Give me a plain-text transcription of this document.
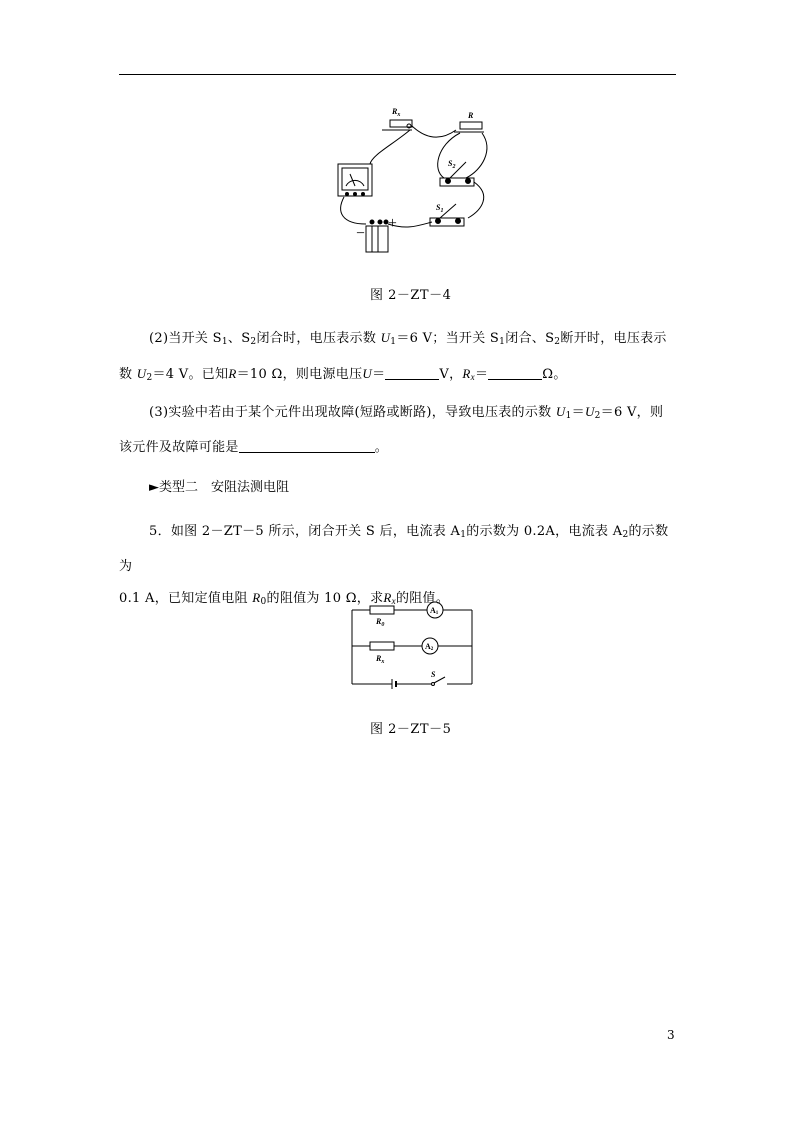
$R_x$	R
$S_2$
$S_1$
－
＋
图 2－ZT－4
(2)当开关 $S_1$、$S_2$闭合时，电压表示数 $U_1=6$ V；当开关 $S_1$闭合、$S_2$断开时，电压表示
数 $U_2=4$ V。已知R＝10 Ω，则电源电压U＝	V，$R_x=$	Ω。
(3)实验中若由于某个元件出现故障(短路或断路)，导致电压表的示数 $U_1=U_2=6$ V，则
该元件及故障可能是	。
►类型二　安阻法测电阻
5．如图 2－ZT－5 所示，闭合开关 S 后，电流表 $A_1$的示数为 0.2A，电流表 $A_2$的示数为
0.1 A，已知定值电阻 $R_0$的阻值为 10 Ω，求$R_x$的阻值。
$R_0$
$R_x$
S
A1
A2
图 2－ZT－5
3
